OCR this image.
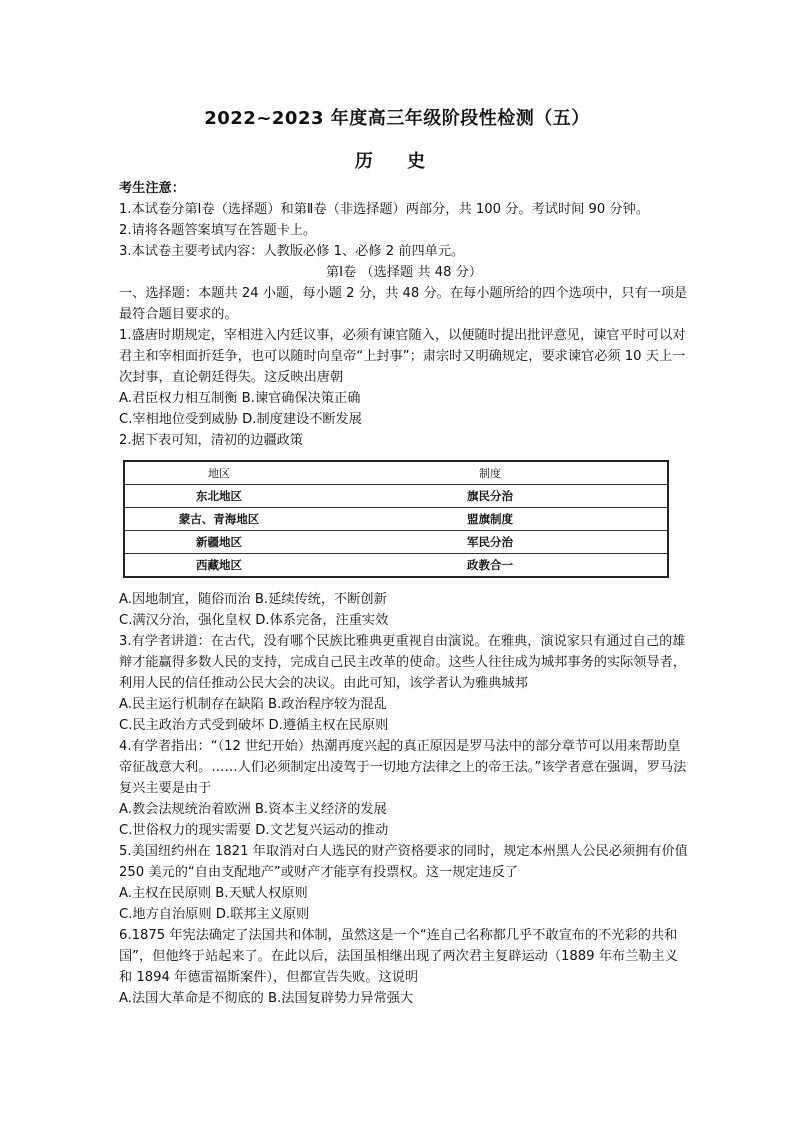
2022~2023 年度高三年级阶段性检测（五）
历 史

考生注意：

1.本试卷分第Ⅰ卷（选择题）和第Ⅱ卷（非选择题）两部分，共 100 分。考试时间 90 分钟。

2.请将各题答案填写在答题卡上。

3.本试卷主要考试内容：人教版必修 1、必修 2 前四单元。

第Ⅰ卷 （选择题 共 48 分）

一、选择题：本题共 24 小题，每小题 2 分，共 48 分。在每小题所给的四个选项中，只有一项是最符合题目要求的。

1.盛唐时期规定，宰相进入内廷议事，必须有谏官随入，以便随时提出批评意见，谏官平时可以对君主和宰相面折廷争，也可以随时向皇帝“上封事”；肃宗时又明确规定，要求谏官必须 10 天上一次封事，直论朝廷得失。这反映出唐朝

A.君臣权力相互制衡 B.谏官确保决策正确

C.宰相地位受到威胁 D.制度建设不断发展

2.据下表可知，清初的边疆政策

地区	制度
东北地区	旗民分治
蒙古、青海地区	盟旗制度
新疆地区	军民分治
西藏地区	政教合一

A.因地制宜，随俗而治 B.延续传统，不断创新

C.满汉分治，强化皇权 D.体系完备，注重实效

3.有学者讲道：在古代，没有哪个民族比雅典更重视自由演说。在雅典，演说家只有通过自己的雄辩才能赢得多数人民的支持，完成自己民主改革的使命。这些人往往成为城邦事务的实际领导者，利用人民的信任推动公民大会的决议。由此可知，该学者认为雅典城邦

A.民主运行机制存在缺陷 B.政治程序较为混乱

C.民主政治方式受到破坏 D.遵循主权在民原则

4.有学者指出：“（12 世纪开始）热潮再度兴起的真正原因是罗马法中的部分章节可以用来帮助皇帝征战意大利。……人们必须制定出凌驾于一切地方法律之上的帝王法。”该学者意在强调，罗马法复兴主要是由于

A.教会法规统治着欧洲 B.资本主义经济的发展

C.世俗权力的现实需要 D.文艺复兴运动的推动

5.美国纽约州在 1821 年取消对白人选民的财产资格要求的同时，规定本州黑人公民必须拥有价值 250 美元的“自由支配地产”或财产才能享有投票权。这一规定违反了

A.主权在民原则 B.天赋人权原则

C.地方自治原则 D.联邦主义原则

6.1875 年宪法确定了法国共和体制，虽然这是一个“连自己名称都几乎不敢宣布的不光彩的共和国”，但他终于站起来了。在此以后，法国虽相继出现了两次君主复辟运动（1889 年布兰勒主义和 1894 年德雷福斯案件），但都宣告失败。这说明

A.法国大革命是不彻底的 B.法国复辟势力异常强大
